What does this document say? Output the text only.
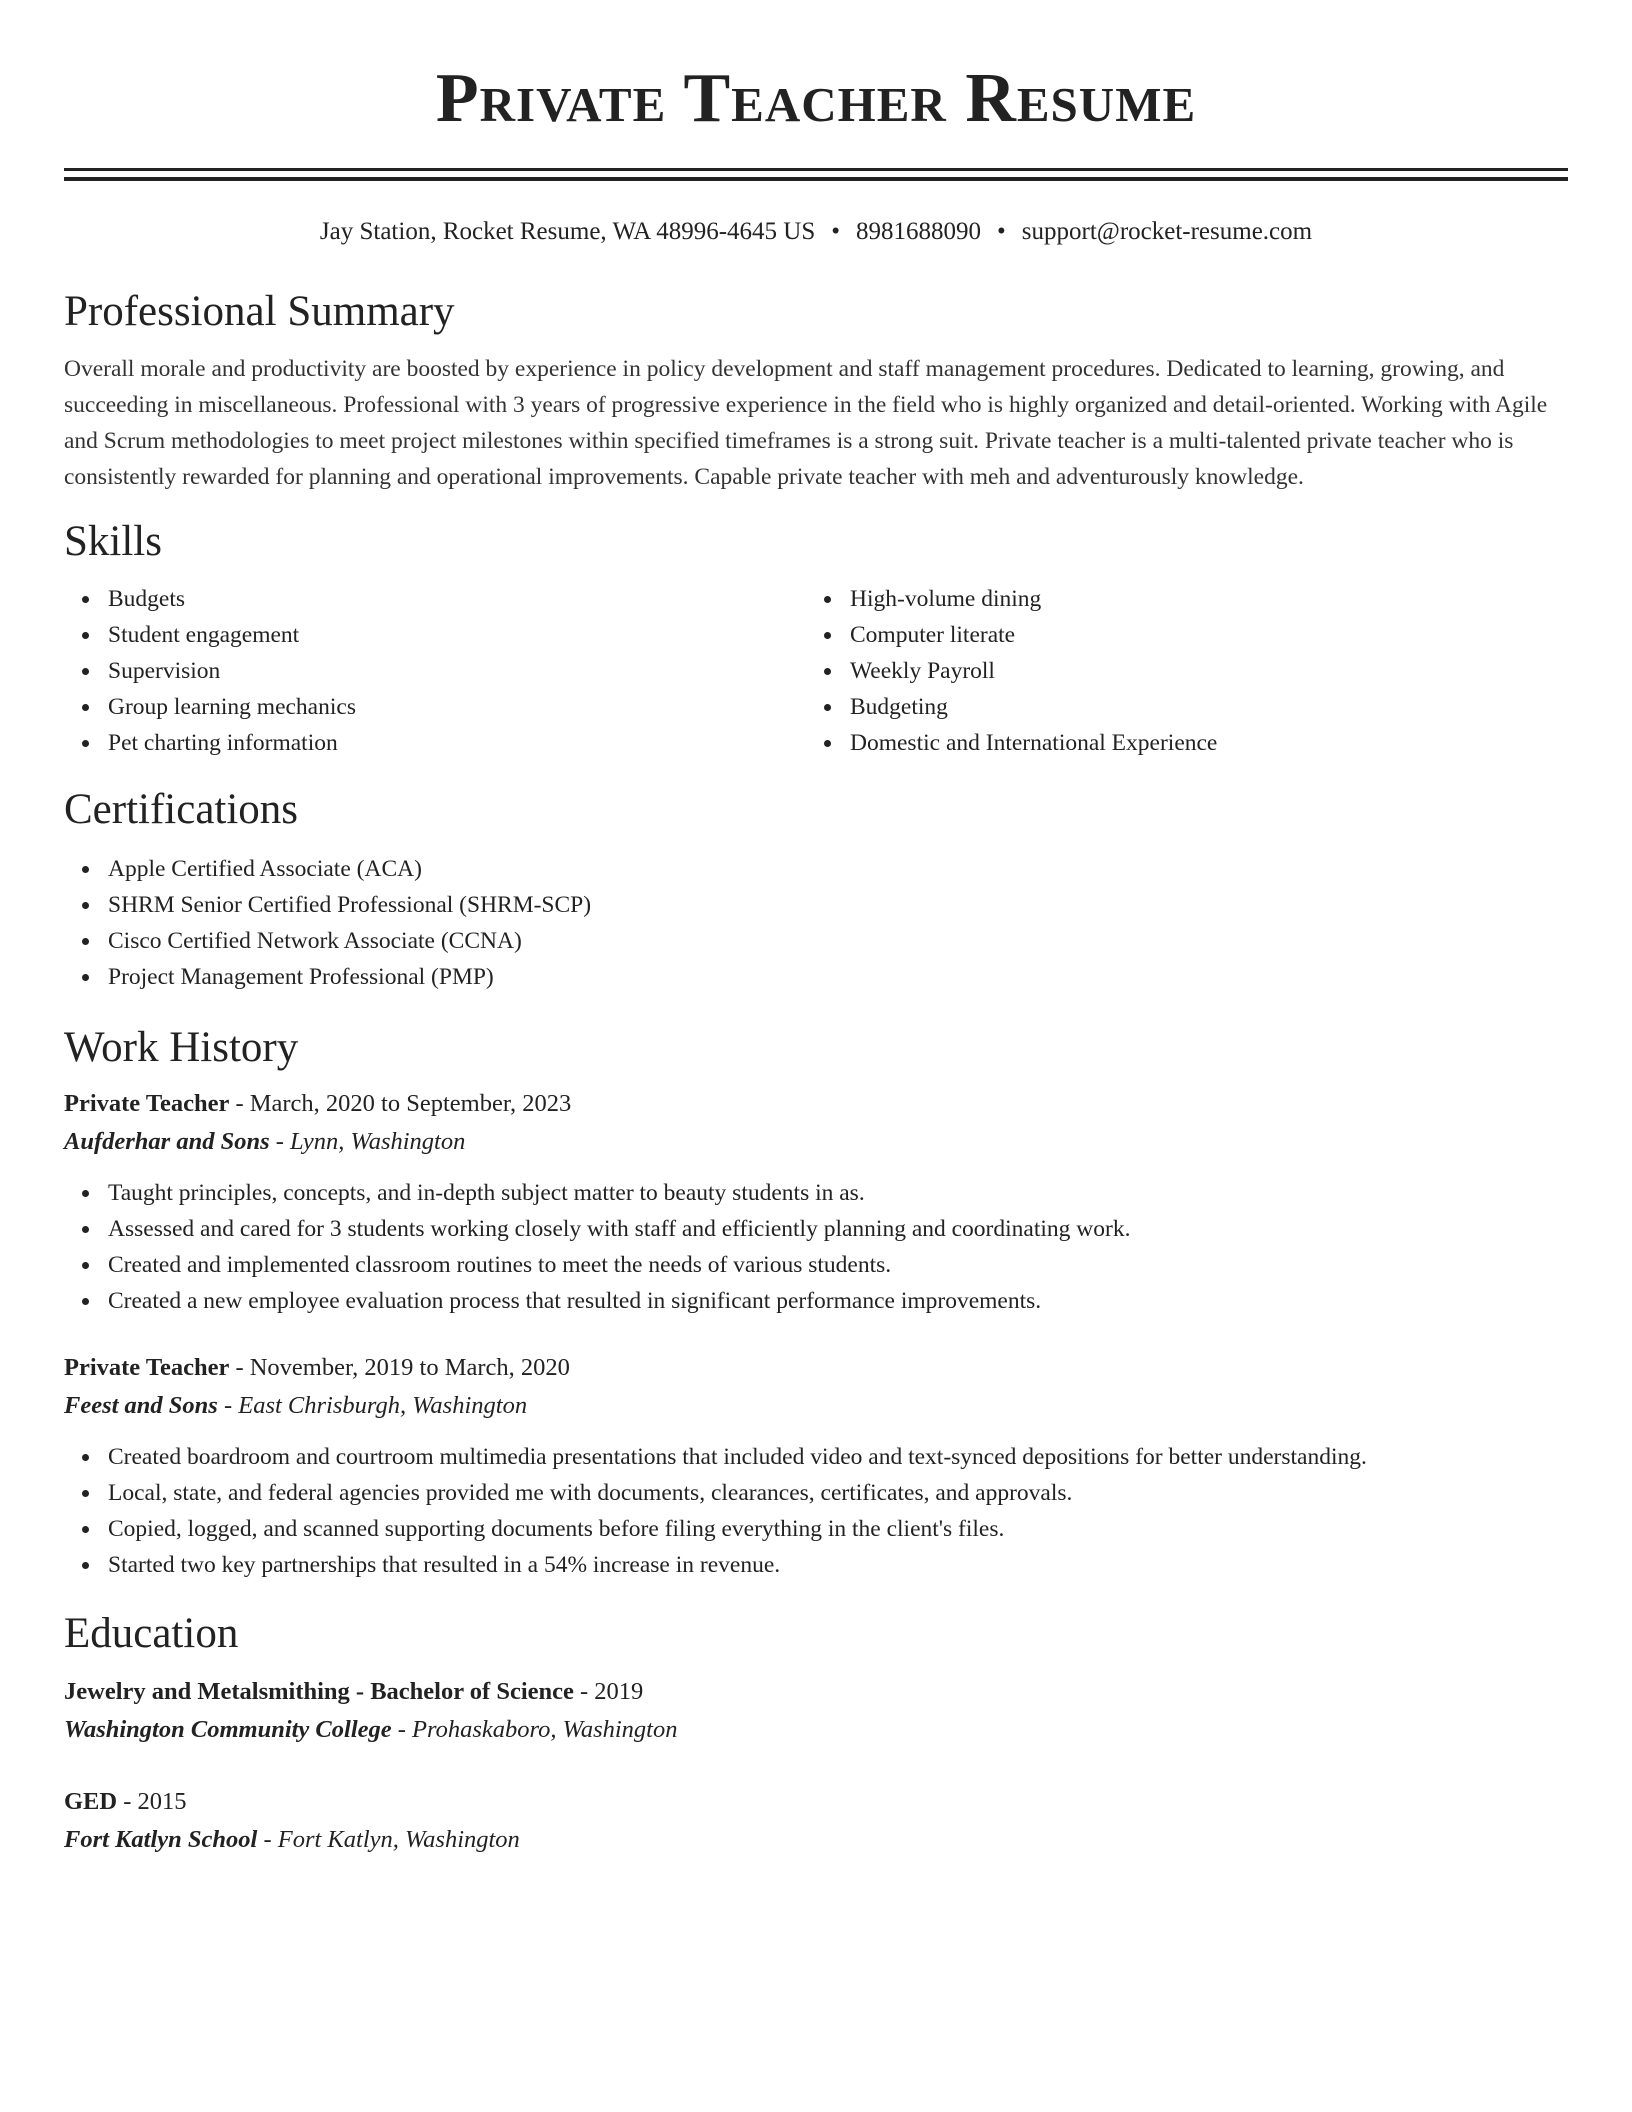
Private Teacher Resume
Jay Station, Rocket Resume, WA 48996-4645 US • 8981688090 • support@rocket-resume.com
Professional Summary

Overall morale and productivity are boosted by experience in policy development and staff management procedures. Dedicated to learning, growing, and succeeding in miscellaneous. Professional with 3 years of progressive experience in the field who is highly organized and detail-oriented. Working with Agile and Scrum methodologies to meet project milestones within specified timeframes is a strong suit. Private teacher is a multi-talented private teacher who is consistently rewarded for planning and operational improvements. Capable private teacher with meh and adventurously knowledge.

Skills
Budgets
Student engagement
Supervision
Group learning mechanics
Pet charting information
High-volume dining
Computer literate
Weekly Payroll
Budgeting
Domestic and International Experience
Certifications
Apple Certified Associate (ACA)
SHRM Senior Certified Professional (SHRM-SCP)
Cisco Certified Network Associate (CCNA)
Project Management Professional (PMP)
Work History
Private Teacher - March, 2020 to September, 2023
Aufderhar and Sons - Lynn, Washington
Taught principles, concepts, and in-depth subject matter to beauty students in as.
Assessed and cared for 3 students working closely with staff and efficiently planning and coordinating work.
Created and implemented classroom routines to meet the needs of various students.
Created a new employee evaluation process that resulted in significant performance improvements.
Private Teacher - November, 2019 to March, 2020
Feest and Sons - East Chrisburgh, Washington
Created boardroom and courtroom multimedia presentations that included video and text-synced depositions for better understanding.
Local, state, and federal agencies provided me with documents, clearances, certificates, and approvals.
Copied, logged, and scanned supporting documents before filing everything in the client's files.
Started two key partnerships that resulted in a 54% increase in revenue.
Education
Jewelry and Metalsmithing - Bachelor of Science - 2019
Washington Community College - Prohaskaboro, Washington
GED - 2015
Fort Katlyn School - Fort Katlyn, Washington
